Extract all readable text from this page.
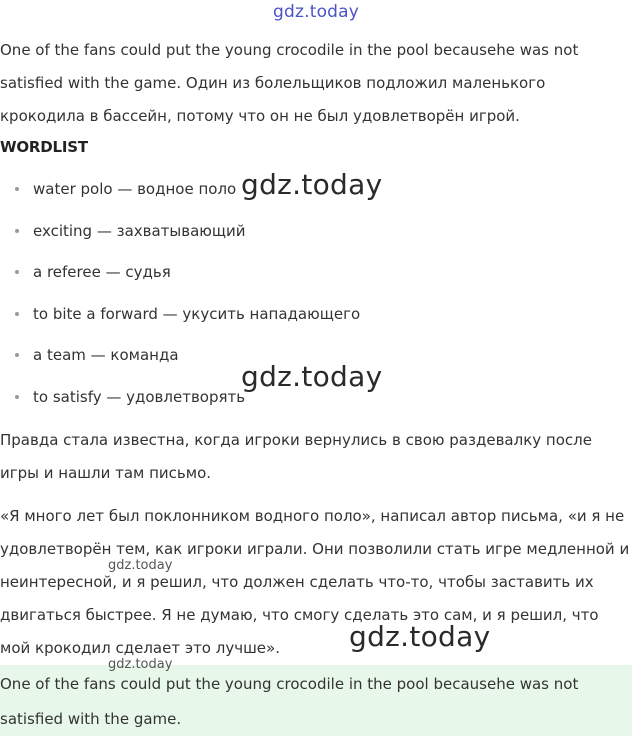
gdz.today

One of the fans could put the young crocodile in the pool becausehe was not satisfied with the game. Один из болельщиков подложил маленького крокодила в бассейн, потому что он не был удовлетворён игрой.

WORDLIST
water polo — водное поло
exciting — захватывающий
a referee — судья
to bite a forward — укусить нападающего
a team — команда
to satisfy — удовлетворять

Правда стала известна, когда игроки вернулись в свою раздевалку после игры и нашли там письмо.

«Я много лет был поклонником водного поло», написал автор письма, «и я не удовлетворён тем, как игроки играли. Они позволили стать игре медленной и неинтересной, и я решил, что должен сделать что-то, чтобы заставить их двигаться быстрее. Я не думаю, что смогу сделать это сам, и я решил, что мой крокодил сделает это лучше».

One of the fans could put the young crocodile in the pool becausehe was not satisfied with the game.

gdz.today
gdz.today
gdz.today
gdz.today
gdz.today
